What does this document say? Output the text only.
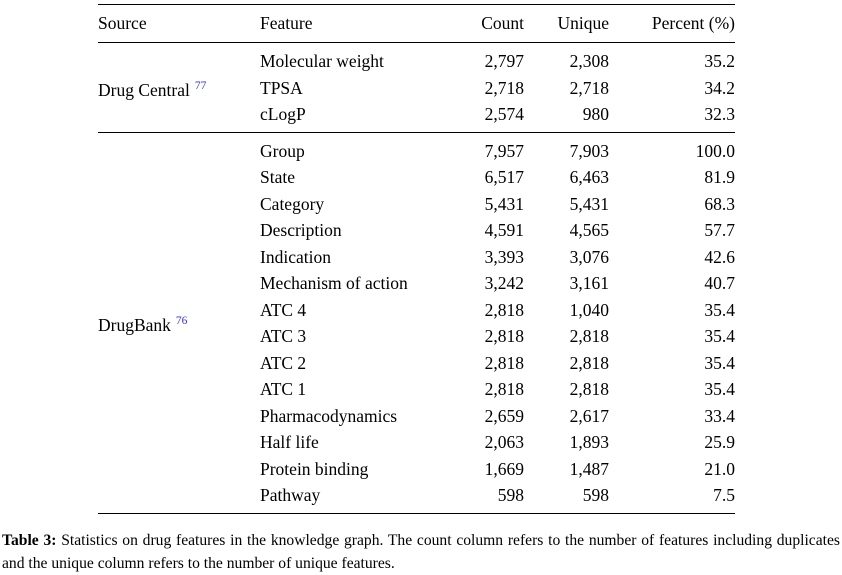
Source	Feature	Count	Unique	Percent (%)
Drug Central $^{77}$	Molecular weight	2,797	2,308	35.2
	TPSA	2,718	2,718	34.2
	cLogP	2,574	980	32.3
DrugBank $^{76}$	Group	7,957	7,903	100.0
	State	6,517	6,463	81.9
	Category	5,431	5,431	68.3
	Description	4,591	4,565	57.7
	Indication	3,393	3,076	42.6
	Mechanism of action	3,242	3,161	40.7
	ATC 4	2,818	1,040	35.4
	ATC 3	2,818	2,818	35.4
	ATC 2	2,818	2,818	35.4
	ATC 1	2,818	2,818	35.4
	Pharmacodynamics	2,659	2,617	33.4
	Half life	2,063	1,893	25.9
	Protein binding	1,669	1,487	21.0
	Pathway	598	598	7.5
Table 3: Statistics on drug features in the knowledge graph. The count column refers to the number of features including duplicates and the unique column refers to the number of unique features.
